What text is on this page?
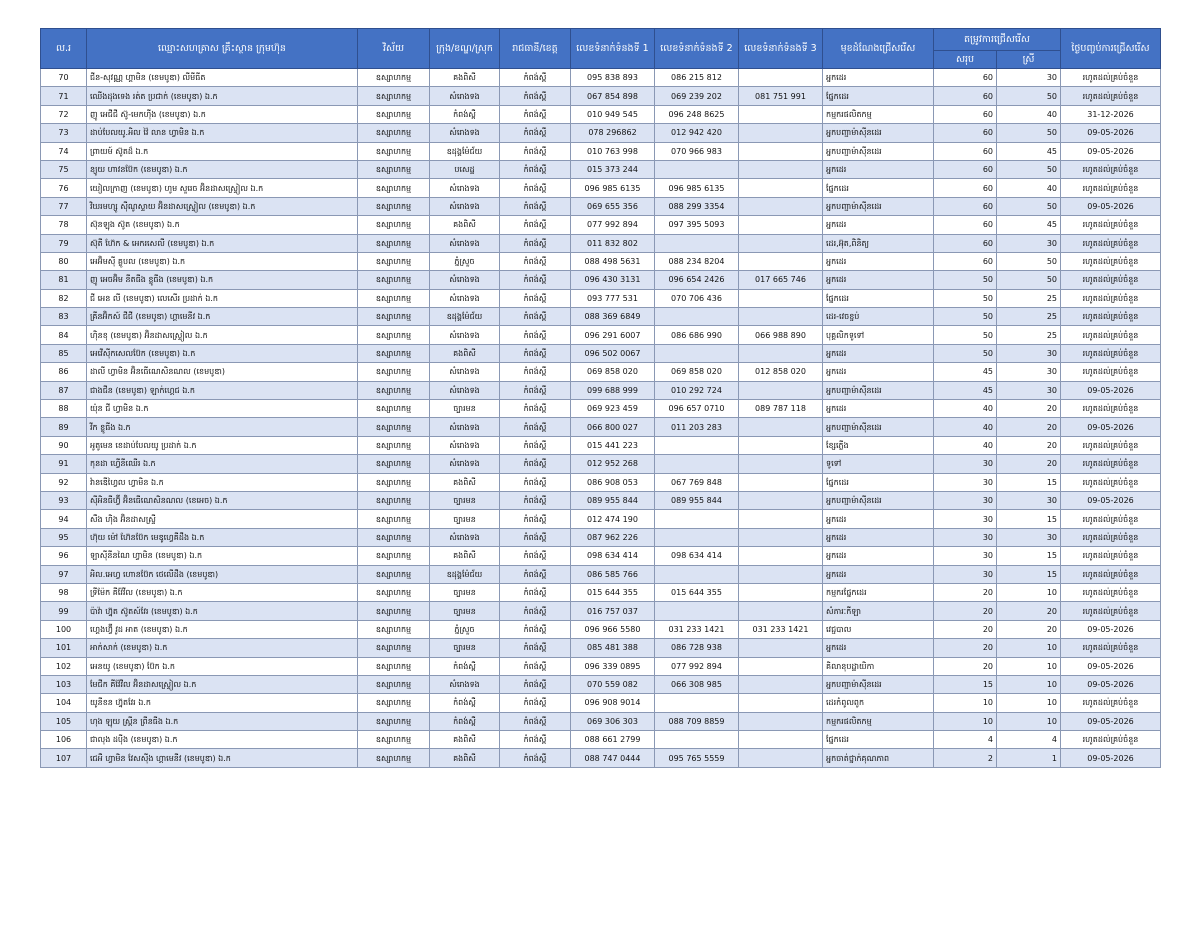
ល.រ	ឈ្មោះសហគ្រាស គ្រឹះស្ថាន ក្រុមហ៊ុន	វិស័យ	ក្រុង/ខណ្ឌ/ស្រុក	រាជធានី/ខេត្ត	លេខទំនាក់ទំនងទី 1	លេខទំនាក់ទំនងទី 2	លេខទំនាក់ទំនងទី 3	មុខដំណែងជ្រើសរើស	តម្រូវការជ្រើសរើស		ថ្ងៃបញ្ចប់ការជ្រើសរើស
									សរុប	ស្រី	
70	ជីន-សុវណ្ណ ហ្គាមិន (ខេមបូឌា) លីមីធីត	ឧស្សាហកម្ម	គងពិសី	កំពង់ស្ពឺ	095 838 893	086 215 812		អ្នកដេរ	60	30	រហូតដល់គ្រប់ចំនួន
71	ឈើងដុងទេង រត់ត ប្រជាក់ (ខេមបូឌា) ឯ.ក	ឧស្សាហកម្ម	សំរោងទង	កំពង់ស្ពឺ	067 854 898	069 239 202	081 751 991	ផ្នែកដេរ	60	50	រហូតដល់គ្រប់ចំនួន
72	ញូ អេជីជី ស៊ូ-មេកហ៊ីង (ខេមបូឌា) ឯ.ក	ឧស្សាហកម្ម	កំពង់ស្ពឺ	កំពង់ស្ពឺ	010 949 545	096 248 8625		កម្មករផលិតកម្ម	60	40	31-12-2026
73	ដាប់បែលយូ.អិល វ៉ៃ លាន ហ្វាមិន ឯ.ក	ឧស្សាហកម្ម	សំរោងទង	កំពង់ស្ពឺ	078 296862	012 942 420		អ្នកបញ្ជាម៉ាស៊ីនដេរ	60	50	09-05-2026
74	ព្រាយម៍ ស៊ូតដ៏ ឯ.ក	ឧស្សាហកម្ម	ឧដុង្គម៉ែជ័យ	កំពង់ស្ពឺ	010 763 998	070 966 983		អ្នកបញ្ជាម៉ាស៊ីនដេរ	60	45	09-05-2026
75	ន្យូយ ហាវនប៊ែក (ខេមបូឌា) ឯ.ក	ឧស្សាហកម្ម	បសេដ្ឋ	កំពង់ស្ពឺ	015 373 244			អ្នកដេរ	60	50	រហូតដល់គ្រប់ចំនួន
76	យៀលក្រាញ (ខេមបូឌា) ហូម សួរេច អ៊ិនដាសស្ទ្រៀល ឯ.ក	ឧស្សាហកម្ម	សំរោងទង	កំពង់ស្ពឺ	096 985 6135	096 985 6135		ផ្នែកដេរ	60	40	រហូតដល់គ្រប់ចំនួន
77	វិឃរមហ្សូ ស៊ីណូស្ទាយ អ៊ិនដាសស្ទ្រៀល (ខេមបូឌា) ឯ.ក	ឧស្សាហកម្ម	សំរោងទង	កំពង់ស្ពឺ	069 655 356	088 299 3354		អ្នកបញ្ជាម៉ាស៊ីនដេរ	60	50	09-05-2026
78	ស៊ុនឡុង ស៊ូត (ខេមបូឌា) ឯ.ក	ឧស្សាហកម្ម	គងពិសី	កំពង់ស្ពឺ	077 992 894	097 395 5093		អ្នកដេរ	60	45	រហូតដល់គ្រប់ចំនួន
79	ស៊ុតី ហ៊ែក & អេករសេលី (ខេមបូឌា) ឯ.ក	ឧស្សាហកម្ម	សំរោងទង	កំពង់ស្ពឺ	011 832 802			ដេរ,អ៊ុត,ពិនិត្យ	60	30	រហូតដល់គ្រប់ចំនួន
80	អេអ៊ិមស៊ី គ្លូបល (ខេមបូឌា) ឯ.ក	ឧស្សាហកម្ម	ភ្នំស្រួច	កំពង់ស្ពឺ	088 498 5631	088 234 8204		អ្នកដេរ	60	50	រហូតដល់គ្រប់ចំនួន
81	ញូ អេចអ៊ិម នីតធីង ខ្លូធីង (ខេមបូឌា) ឯ.ក	ឧស្សាហកម្ម	សំរោងទង	កំពង់ស្ពឺ	096 430 3131	096 654 2426	017 665 746	អ្នកដេរ	50	50	រហូតដល់គ្រប់ចំនួន
82	ជី អេន លី (ខេមបូឌា) លេសើរ ប្រដាក់ ឯ.ក	ឧស្សាហកម្ម	សំរោងទង	កំពង់ស្ពឺ	093 777 531	070 706 436		ផ្នែកដេរ	50	25	រហូតដល់គ្រប់ចំនួន
83	គ្រីនអ៊ិកស៍ ជីជី (ខេមបូឌា) ហ្គាមេនីវ ឯ.ក	ឧស្សាហកម្ម	ឧដុង្គម៉ែជ័យ	កំពង់ស្ពឺ	088 369 6849			ដេរ-វេចខ្ចប់	50	25	រហូតដល់គ្រប់ចំនួន
84	ហ៊ិនខុ (ខេមបូឌា) អ៊ិនដាសស្ទ្រៀល ឯ.ក	ឧស្សាហកម្ម	សំរោងទង	កំពង់ស្ពឺ	096 291 6007	086 686 990	066 988 890	បុគ្គលិកទូទៅ	50	25	រហូតដល់គ្រប់ចំនួន
85	អេវើស៊ីកសេលប៊ែក (ខេមបូឌា) ឯ.ក	ឧស្សាហកម្ម	គងពិសី	កំពង់ស្ពឺ	096 502 0067			អ្នកដេរ	50	30	រហូតដល់គ្រប់ចំនួន
86	ដាលី ហ្វាមិន អ៊ិនធើណេសិនណល (ខេមបូឌា)	ឧស្សាហកម្ម	សំរោងទង	កំពង់ស្ពឺ	069 858 020	069 858 020	012 858 020	អ្នកដេរ	45	30	រហូតដល់គ្រប់ចំនួន
87	ជាងជីន (ខេមបូឌា) ឡាក់ហ្គេជ ឯ.ក	ឧស្សាហកម្ម	សំរោងទង	កំពង់ស្ពឺ	099 688 999	010 292 724		អ្នកបញ្ជាម៉ាស៊ីនដេរ	45	30	09-05-2026
88	យ៉ុន ជី ហ្វាមិន ឯ.ក	ឧស្សាហកម្ម	ច្បារមន	កំពង់ស្ពឺ	069 923 459	096 657 0710	089 787 118	អ្នកដេរ	40	20	រហូតដល់គ្រប់ចំនួន
89	វីក ខ្លូធីង ឯ.ក	ឧស្សាហកម្ម	សំរោងទង	កំពង់ស្ពឺ	066 800 027	011 203 283		អ្នកបញ្ជាម៉ាស៊ីនដេរ	40	20	09-05-2026
90	អូតូមេន ខេដាប់បែលយូ ប្រដាក់ ឯ.ក	ឧស្សាហកម្ម	សំរោងទង	កំពង់ស្ពឺ	015 441 223			ខ្សែភ្លើង	40	20	រហូតដល់គ្រប់ចំនួន
91	កុនដា ហ្វើនីឈើរ ឯ.ក	ឧស្សាហកម្ម	សំរោងទង	កំពង់ស្ពឺ	012 952 268			ទូទៅ	30	20	រហូតដល់គ្រប់ចំនួន
92	វ៉ានឌើហ្វៃល ហ្វាមិន ឯ.ក	ឧស្សាហកម្ម	គងពិសី	កំពង់ស្ពឺ	086 908 053	067 769 848		ផ្នែកដេរ	30	15	រហូតដល់គ្រប់ចំនួន
93	ស៊ីអិនធីហ្វ៊ី អ៊ិនធើណេសិនណល (ខេអេច) ឯ.ក	ឧស្សាហកម្ម	ច្បារមន	កំពង់ស្ពឺ	089 955 844	089 955 844		អ្នកបញ្ជាម៉ាស៊ីនដេរ	30	30	09-05-2026
94	សឹង ហ៊ិង អ៊ិនដាសស្ទ្រី	ឧស្សាហកម្ម	ច្បារមន	កំពង់ស្ពឺ	012 474 190			អ្នកដេរ	30	15	រហូតដល់គ្រប់ចំនួន
95	ហ៊ុយ ម៉ៅ ហ៊ែនប៊ែក មេឌូហ្វេគីដឹង ឯ.ក	ឧស្សាហកម្ម	សំរោងទង	កំពង់ស្ពឺ	087 962 226			អ្នកដេរ	30	30	រហូតដល់គ្រប់ចំនួន
96	ឡាស៊ីនីនណៃ ហ្វាមិន (ខេមបូឌា) ឯ.ក	ឧស្សាហកម្ម	គងពិសី	កំពង់ស្ពឺ	098 634 414	098 634 414		អ្នកដេរ	30	15	រហូតដល់គ្រប់ចំនួន
97	អិល.អេហ្វ ហោនប៊ែក ថេលើដឹង (ខេមបូឌា)	ឧស្សាហកម្ម	ឧដុង្គម៉ែជ័យ	កំពង់ស្ពឺ	086 585 766			អ្នកដេរ	30	15	រហូតដល់គ្រប់ចំនួន
98	ទ្រីម៉ែក គីវ៉ែវីល (ខេមបូឌា) ឯ.ក	ឧស្សាហកម្ម	ច្បារមន	កំពង់ស្ពឺ	015 644 355	015 644 355		កម្មករផ្នែកដេរ	20	10	រហូតដល់គ្រប់ចំនួន
99	ប៉ាវ៉ា ហ្វ៊ុត ស៊ូតស៍វែរ (ខេមបូឌា) ឯ.ក	ឧស្សាហកម្ម	ច្បារមន	កំពង់ស្ពឺ	016 757 037			សំភារៈកីឡា	20	20	រហូតដល់គ្រប់ចំនួន
100	ហ្គេងហ្វ៊ី វូដ អាត (ខេមបូឌា) ឯ.ក	ឧស្សាហកម្ម	ភ្នំស្រួច	កំពង់ស្ពឺ	096 966 5580	031 233 1421	031 233 1421	វេជ្ជបាល	20	20	09-05-2026
101	អាក់សាក់ (ខេមបូឌា) ឯ.ក	ឧស្សាហកម្ម	ច្បារមន	កំពង់ស្ពឺ	085 481 388	086 728 938		អ្នកដេរ	20	10	រហូតដល់គ្រប់ចំនួន
102	អេនយូ (ខេមបូឌា) ប៊ែក ឯ.ក	ឧស្សាហកម្ម	កំពង់ស្ពឺ	កំពង់ស្ពឺ	096 339 0895	077 992 894		គិលានុបដ្ឋាយិកា	20	10	09-05-2026
103	មែជីក គីវ៉ែវីល អ៊ិនដាសស្ទ្រៀល ឯ.ក	ឧស្សាហកម្ម	សំរោងទង	កំពង់ស្ពឺ	070 559 082	066 308 985		អ្នកបញ្ជាម៉ាស៊ីនដេរ	15	10	09-05-2026
104	យូនីខន ហ្វ៊ុតវែរ ឯ.ក	ឧស្សាហកម្ម	កំពង់ស្ពឺ	កំពង់ស្ពឺ	096 908 9014			ដេរកំពូលពូក	10	10	រហូតដល់គ្រប់ចំនួន
105	ហុង ឡុយ ស្ត្រីន ព្រីនធីង ឯ.ក	ឧស្សាហកម្ម	កំពង់ស្ពឺ	កំពង់ស្ពឺ	069 306 303	088 709 8859		កម្មករផលិតកម្ម	10	10	09-05-2026
106	ជាលុង ដប៉ីង (ខេមបូឌា) ឯ.ក	ឧស្សាហកម្ម	គងពិសី	កំពង់ស្ពឺ	088 661 2799			ផ្នែកដេរ	4	4	រហូតដល់គ្រប់ចំនួន
107	ជេអឺ ហ្វាមិន វែសស៊ីង ហ្គាមេនីវ (ខេមបូឌា) ឯ.ក	ឧស្សាហកម្ម	គងពិសី	កំពង់ស្ពឺ	088 747 0444	095 765 5559		អ្នកចាត់ថ្នាក់គុណភាព	2	1	09-05-2026
